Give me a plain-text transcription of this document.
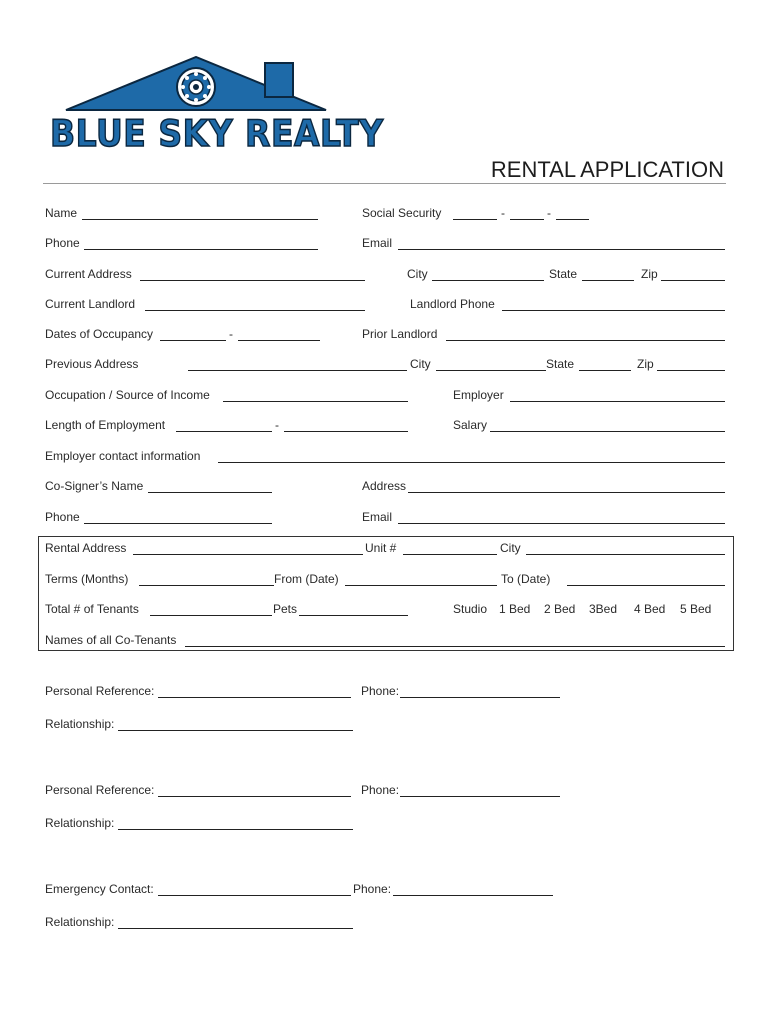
BLUE SKY REALTY
RENTAL APPLICATION
Name	Social Security	-	-
Phone	Email
Current Address	City	State	Zip
Current Landlord	Landlord Phone
Dates of Occupancy	-	Prior Landlord
Previous Address	City	State	Zip
Occupation / Source of Income	Employer
Length of Employment	-	Salary
Employer contact information
Co-Signer’s Name	Address
Phone	Email
Rental Address	Unit #	City
Terms (Months)	From (Date)	To (Date)
Total # of Tenants	Pets	Studio 1 Bed 2 Bed 3Bed 4 Bed 5 Bed
Names of all Co-Tenants
Personal Reference:	Phone:
Relationship:
Personal Reference:	Phone:
Relationship:
Emergency Contact:	Phone:
Relationship:
